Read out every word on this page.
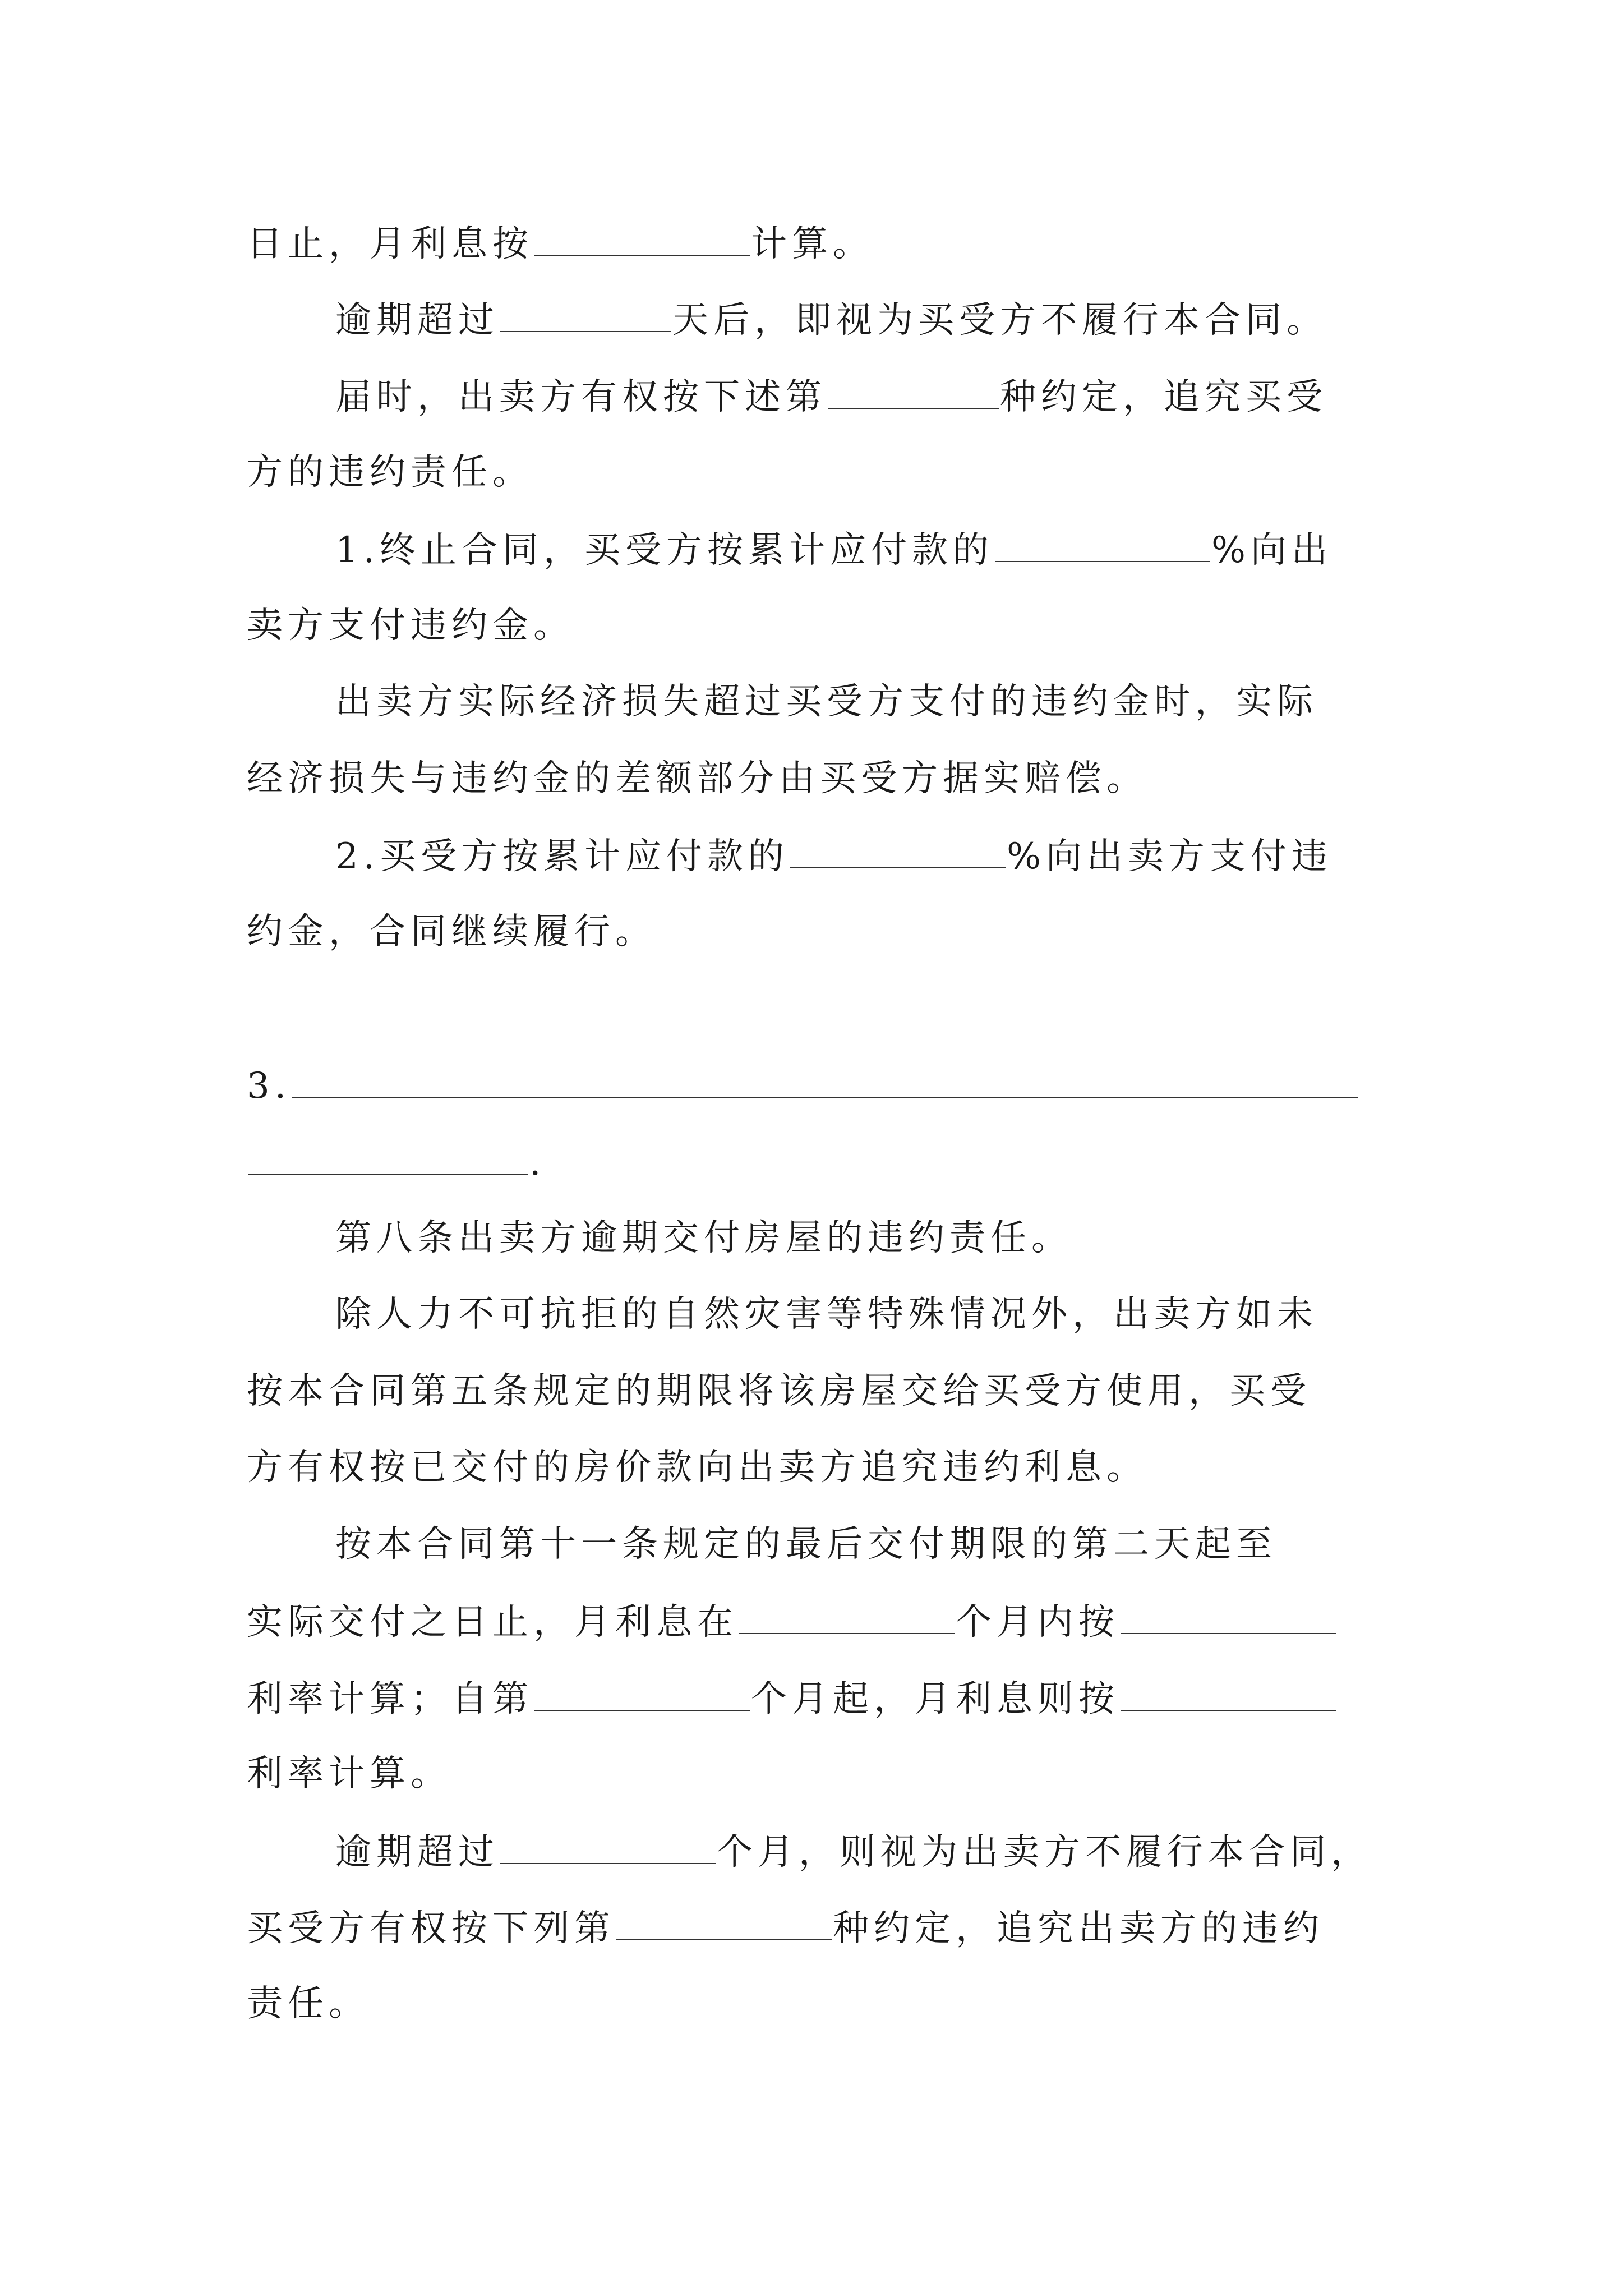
日止，月利息按	计算。
逾期超过	天后，即视为买受方不履行本合同。
届时，出卖方有权按下述第	种约定，追究买受
方的违约责任。
1.终止合同，买受方按累计应付款的	%向出
卖方支付违约金。
出卖方实际经济损失超过买受方支付的违约金时，实际
经济损失与违约金的差额部分由买受方据实赔偿。
2.买受方按累计应付款的	%向出卖方支付违
约金，合同继续履行。
3.
.
第八条出卖方逾期交付房屋的违约责任。
除人力不可抗拒的自然灾害等特殊情况外，出卖方如未
按本合同第五条规定的期限将该房屋交给买受方使用，买受
方有权按已交付的房价款向出卖方追究违约利息。
按本合同第十一条规定的最后交付期限的第二天起至
实际交付之日止，月利息在	个月内按
利率计算；自第	个月起，月利息则按
利率计算。
逾期超过	个月，则视为出卖方不履行本合同，
买受方有权按下列第	种约定，追究出卖方的违约
责任。
